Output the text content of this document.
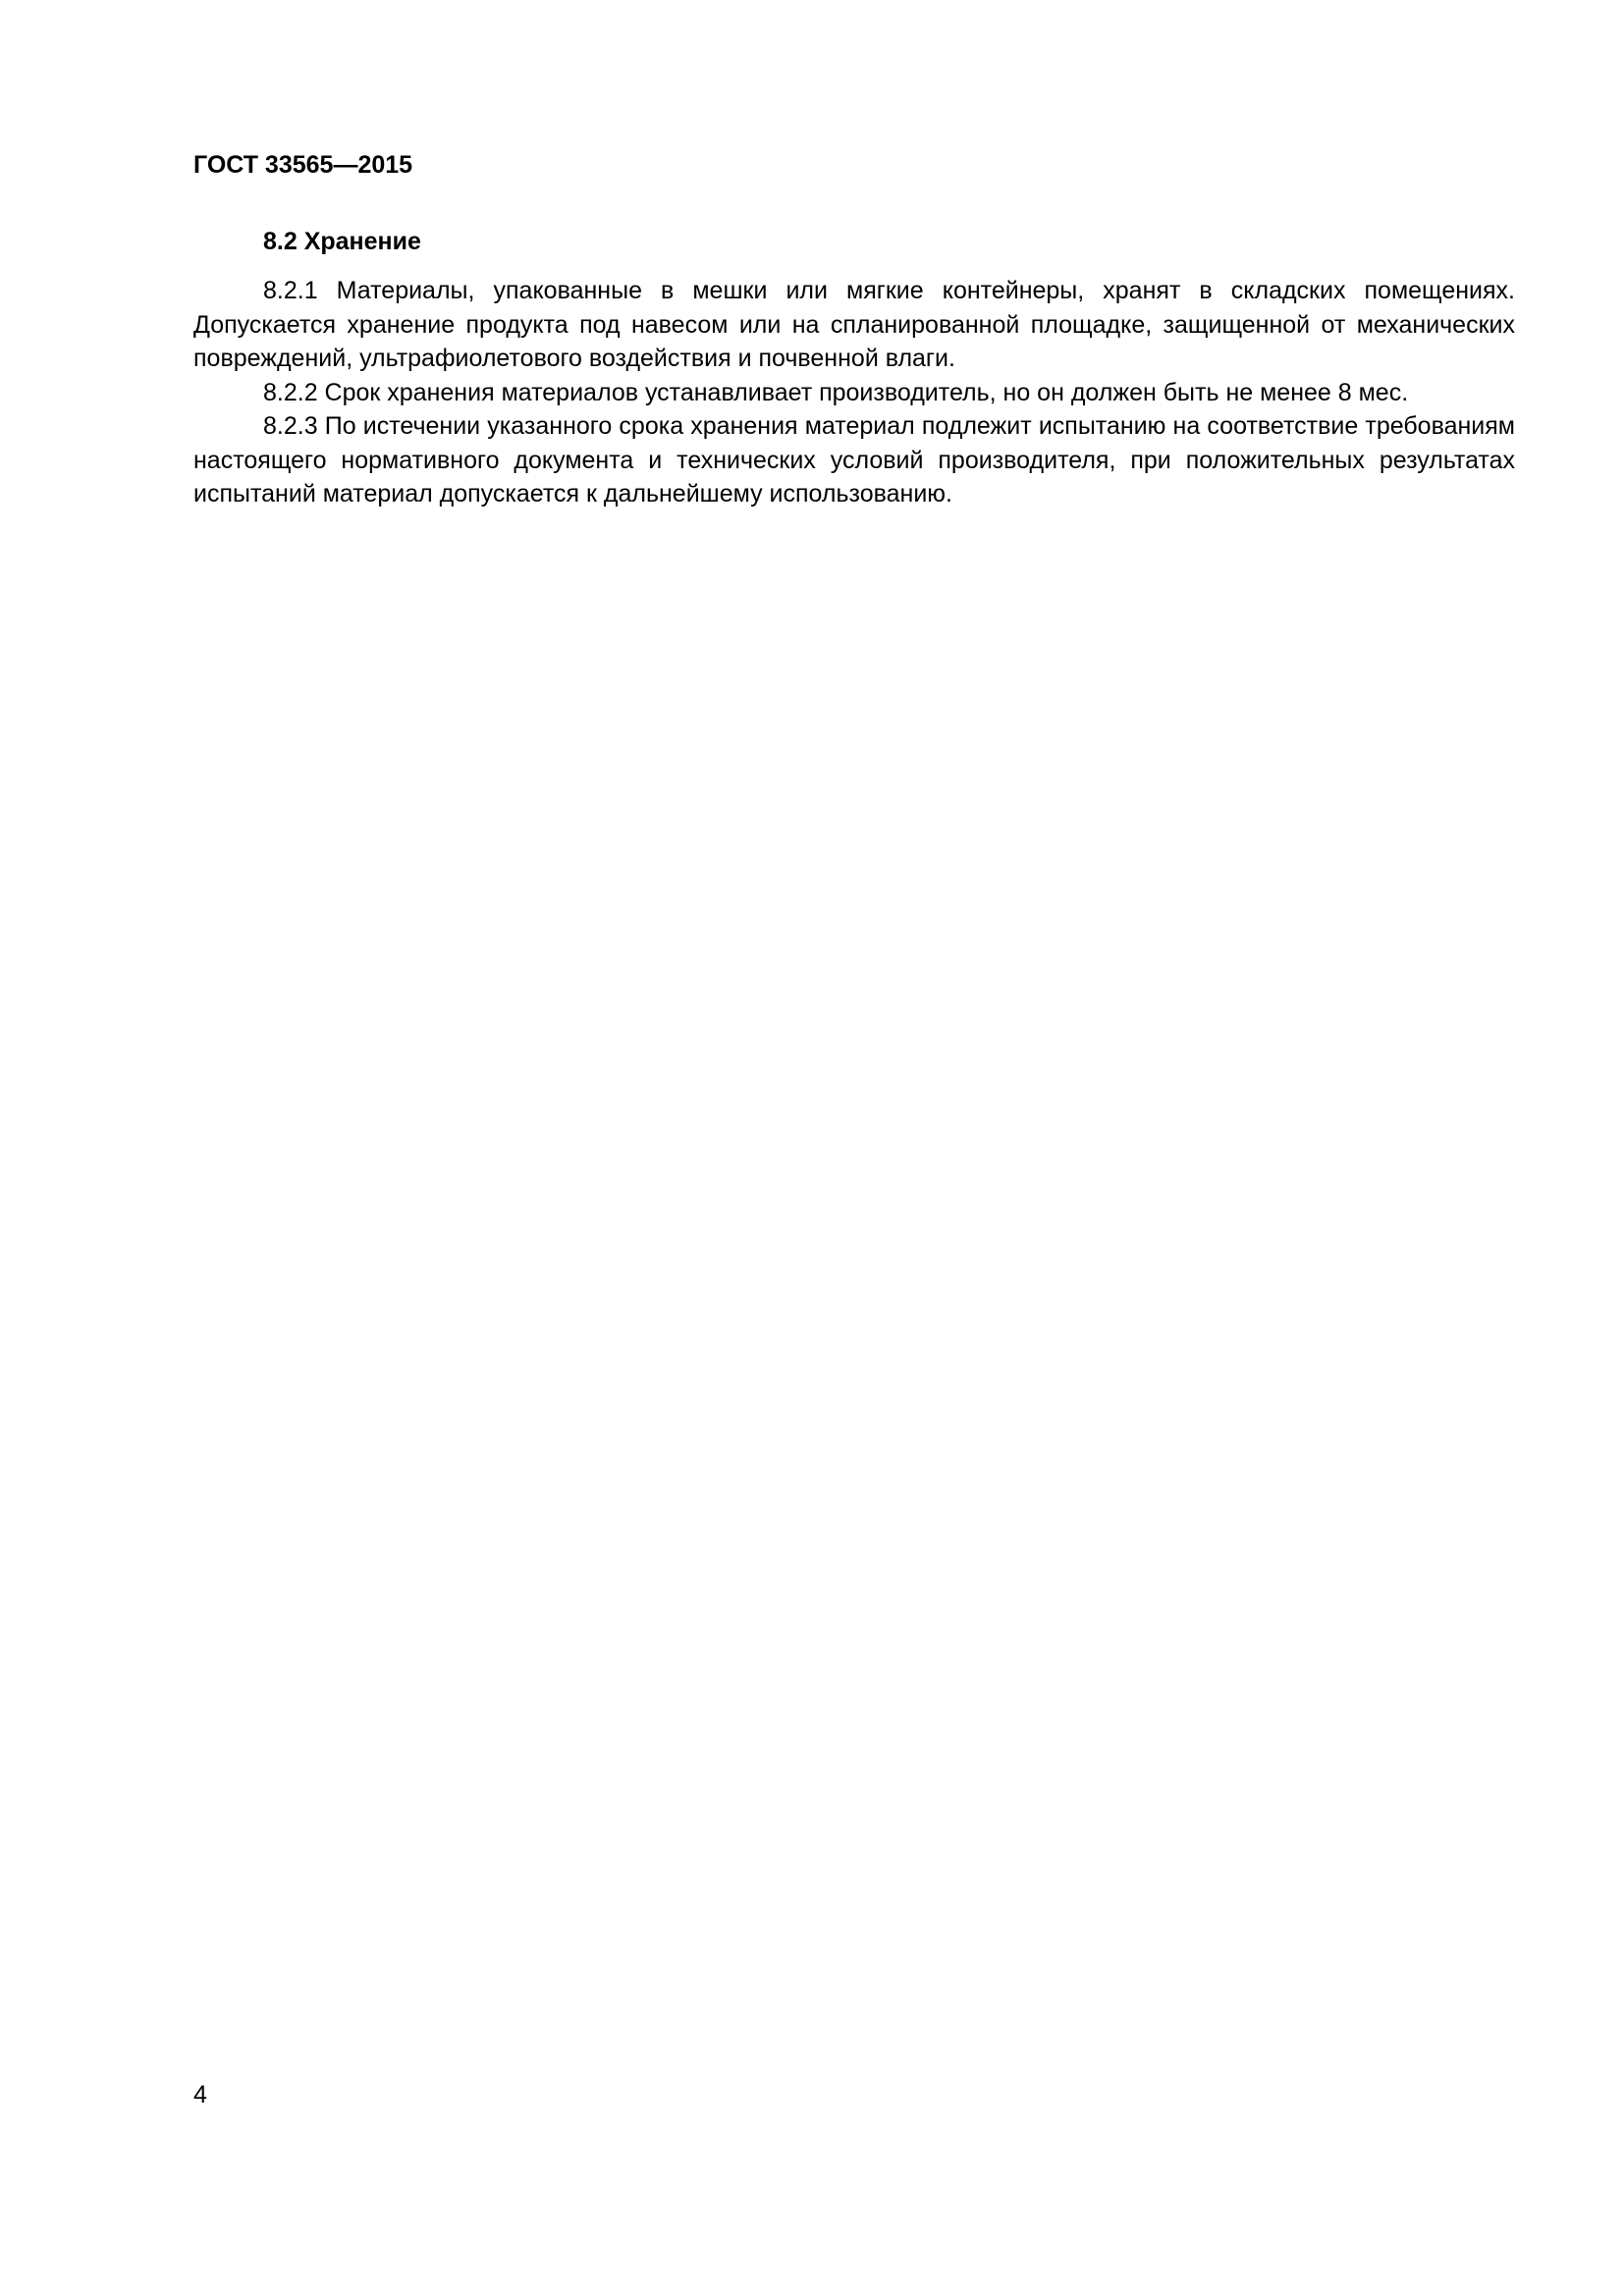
ГОСТ 33565—2015
8.2 Хранение

8.2.1 Материалы, упакованные в мешки или мягкие контейнеры, хранят в складских помещениях. Допускается хранение продукта под навесом или на спланированной площадке, защищенной от механических повреждений, ультрафиолетового воздействия и почвенной влаги.

8.2.2 Срок хранения материалов устанавливает производитель, но он должен быть не менее 8 мес.

8.2.3 По истечении указанного срока хранения материал подлежит испытанию на соответствие требованиям настоящего нормативного документа и технических условий производителя, при положительных результатах испытаний материал допускается к дальнейшему использованию.

4
